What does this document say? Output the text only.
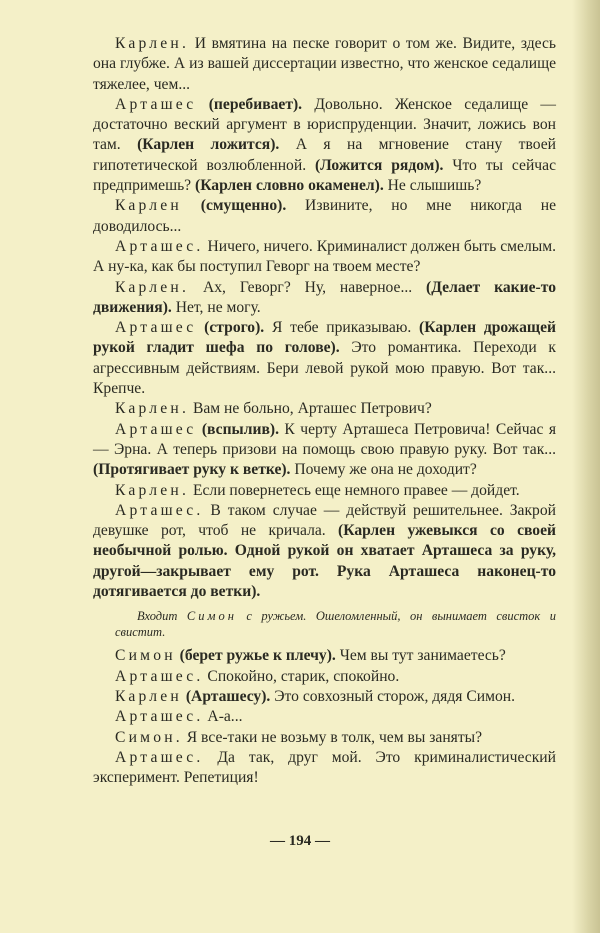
Карлен. И вмятина на песке говорит о том же. Видите, здесь она глубже. А из вашей диссертации известно, что женское седалище тяжелее, чем...

Арташес (перебивает). Довольно. Женское седалище — достаточно веский аргумент в юриспруденции. Значит, ложись вон там. (Карлен ложится). А я на мгновение стану твоей гипотетической возлюбленной. (Ложится рядом). Что ты сейчас предпримешь? (Карлен словно окаменел). Не слышишь?

Карлен (смущенно). Извините, но мне никогда не доводилось...

Арташес. Ничего, ничего. Криминалист должен быть смелым. А ну-ка, как бы поступил Геворг на твоем месте?

Карлен. Ах, Геворг? Ну, наверное... (Делает какие-то движения). Нет, не могу.

Арташес (строго). Я тебе приказываю. (Карлен дрожащей рукой гладит шефа по голове). Это романтика. Переходи к агрессивным действиям. Бери левой рукой мою правую. Вот так... Крепче.

Карлен. Вам не больно, Арташес Петрович?

Арташес (вспылив). К черту Арташеса Петровича! Сейчас я — Эрна. А теперь призови на помощь свою правую руку. Вот так... (Протягивает руку к ветке). Почему же она не доходит?

Карлен. Если повернетесь еще немного правее — дойдет.

Арташес. В таком случае — действуй решительнее. Закрой девушке рот, чтоб не кричала. (Карлен ужевыкся со своей необычной ролью. Одной рукой он хватает Арташеса за руку, другой—закрывает ему рот. Рука Арташеса наконец-то дотягивается до ветки).

Входит Симон с ружьем. Ошеломленный, он вынимает свисток и свистит.

Симон (берет ружье к плечу). Чем вы тут занимаетесь?

Арташес. Спокойно, старик, спокойно.

Карлен (Арташесу). Это совхозный сторож, дядя Симон.

Арташес. А-а...

Симон. Я все-таки не возьму в толк, чем вы заняты?

Арташес. Да так, друг мой. Это криминалистический эксперимент. Репетиция!

— 194 —
